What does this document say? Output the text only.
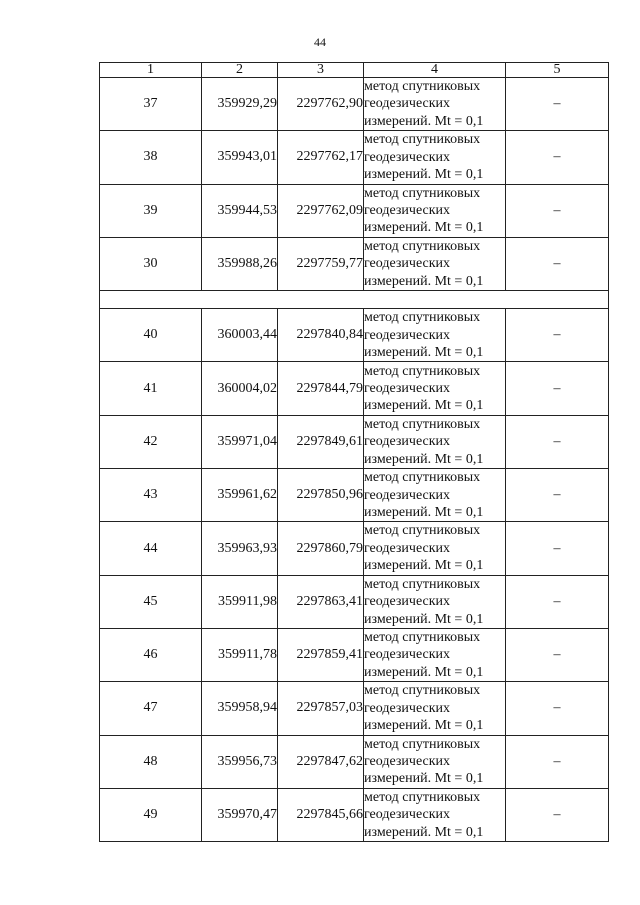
44
1	2	3	4	5
37	359929,29	2297762,90	метод спутниковых
геодезических
измерений. Mt = 0,1	–
38	359943,01	2297762,17	метод спутниковых
геодезических
измерений. Mt = 0,1	–
39	359944,53	2297762,09	метод спутниковых
геодезических
измерений. Mt = 0,1	–
30	359988,26	2297759,77	метод спутниковых
геодезических
измерений. Mt = 0,1	–

40	360003,44	2297840,84	метод спутниковых
геодезических
измерений. Mt = 0,1	–
41	360004,02	2297844,79	метод спутниковых
геодезических
измерений. Mt = 0,1	–
42	359971,04	2297849,61	метод спутниковых
геодезических
измерений. Mt = 0,1	–
43	359961,62	2297850,96	метод спутниковых
геодезических
измерений. Mt = 0,1	–
44	359963,93	2297860,79	метод спутниковых
геодезических
измерений. Mt = 0,1	–
45	359911,98	2297863,41	метод спутниковых
геодезических
измерений. Mt = 0,1	–
46	359911,78	2297859,41	метод спутниковых
геодезических
измерений. Mt = 0,1	–
47	359958,94	2297857,03	метод спутниковых
геодезических
измерений. Mt = 0,1	–
48	359956,73	2297847,62	метод спутниковых
геодезических
измерений. Mt = 0,1	–
49	359970,47	2297845,66	метод спутниковых
геодезических
измерений. Mt = 0,1	–
